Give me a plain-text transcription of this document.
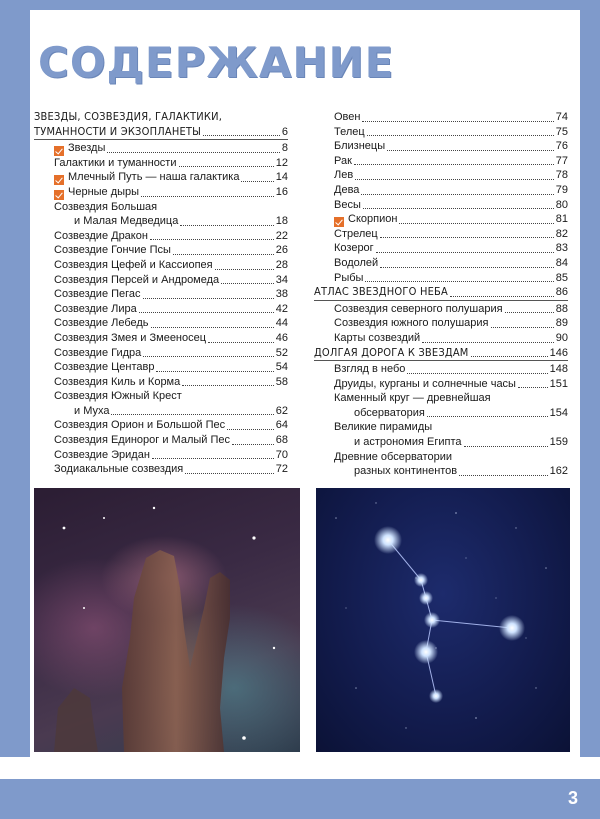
3
СОДЕРЖАНИЕ
ЗВЕЗДЫ, СОЗВЕЗДИЯ, ГАЛАКТИКИ,
ТУМАННОСТИ И ЭКЗОПЛАНЕТЫ	6
Звезды	8
Галактики и туманности	12
Млечный Путь — наша галактика	14
Черные дыры	16
Созвездия Большая
и Малая Медведица	18
Созвездие Дракон	22
Созвездие Гончие Псы	26
Созвездия Цефей и Кассиопея	28
Созвездия Персей и Андромеда	34
Созвездие Пегас	38
Созвездие Лира	42
Созвездие Лебедь	44
Созвездия Змея и Змееносец	46
Созвездие Гидра	52
Созвездие Центавр	54
Созвездия Киль и Корма	58
Созвездия Южный Крест
и Муха	62
Созвездия Орион и Большой Пес	64
Созвездия Единорог и Малый Пес	68
Созвездие Эридан	70
Зодиакальные созвездия	72
Овен	74
Телец	75
Близнецы	76
Рак	77
Лев	78
Дева	79
Весы	80
Скорпион	81
Стрелец	82
Козерог	83
Водолей	84
Рыбы	85
АТЛАС ЗВЕЗДНОГО НЕБА	86
Созвездия северного полушария	88
Созвездия южного полушария	89
Карты созвездий	90
ДОЛГАЯ ДОРОГА К ЗВЕЗДАМ	146
Взгляд в небо	148
Друиды, курганы и солнечные часы	151
Каменный круг — древнейшая
обсерватория	154
Великие пирамиды
и астрономия Египта	159
Древние обсерватории
разных континентов	162
